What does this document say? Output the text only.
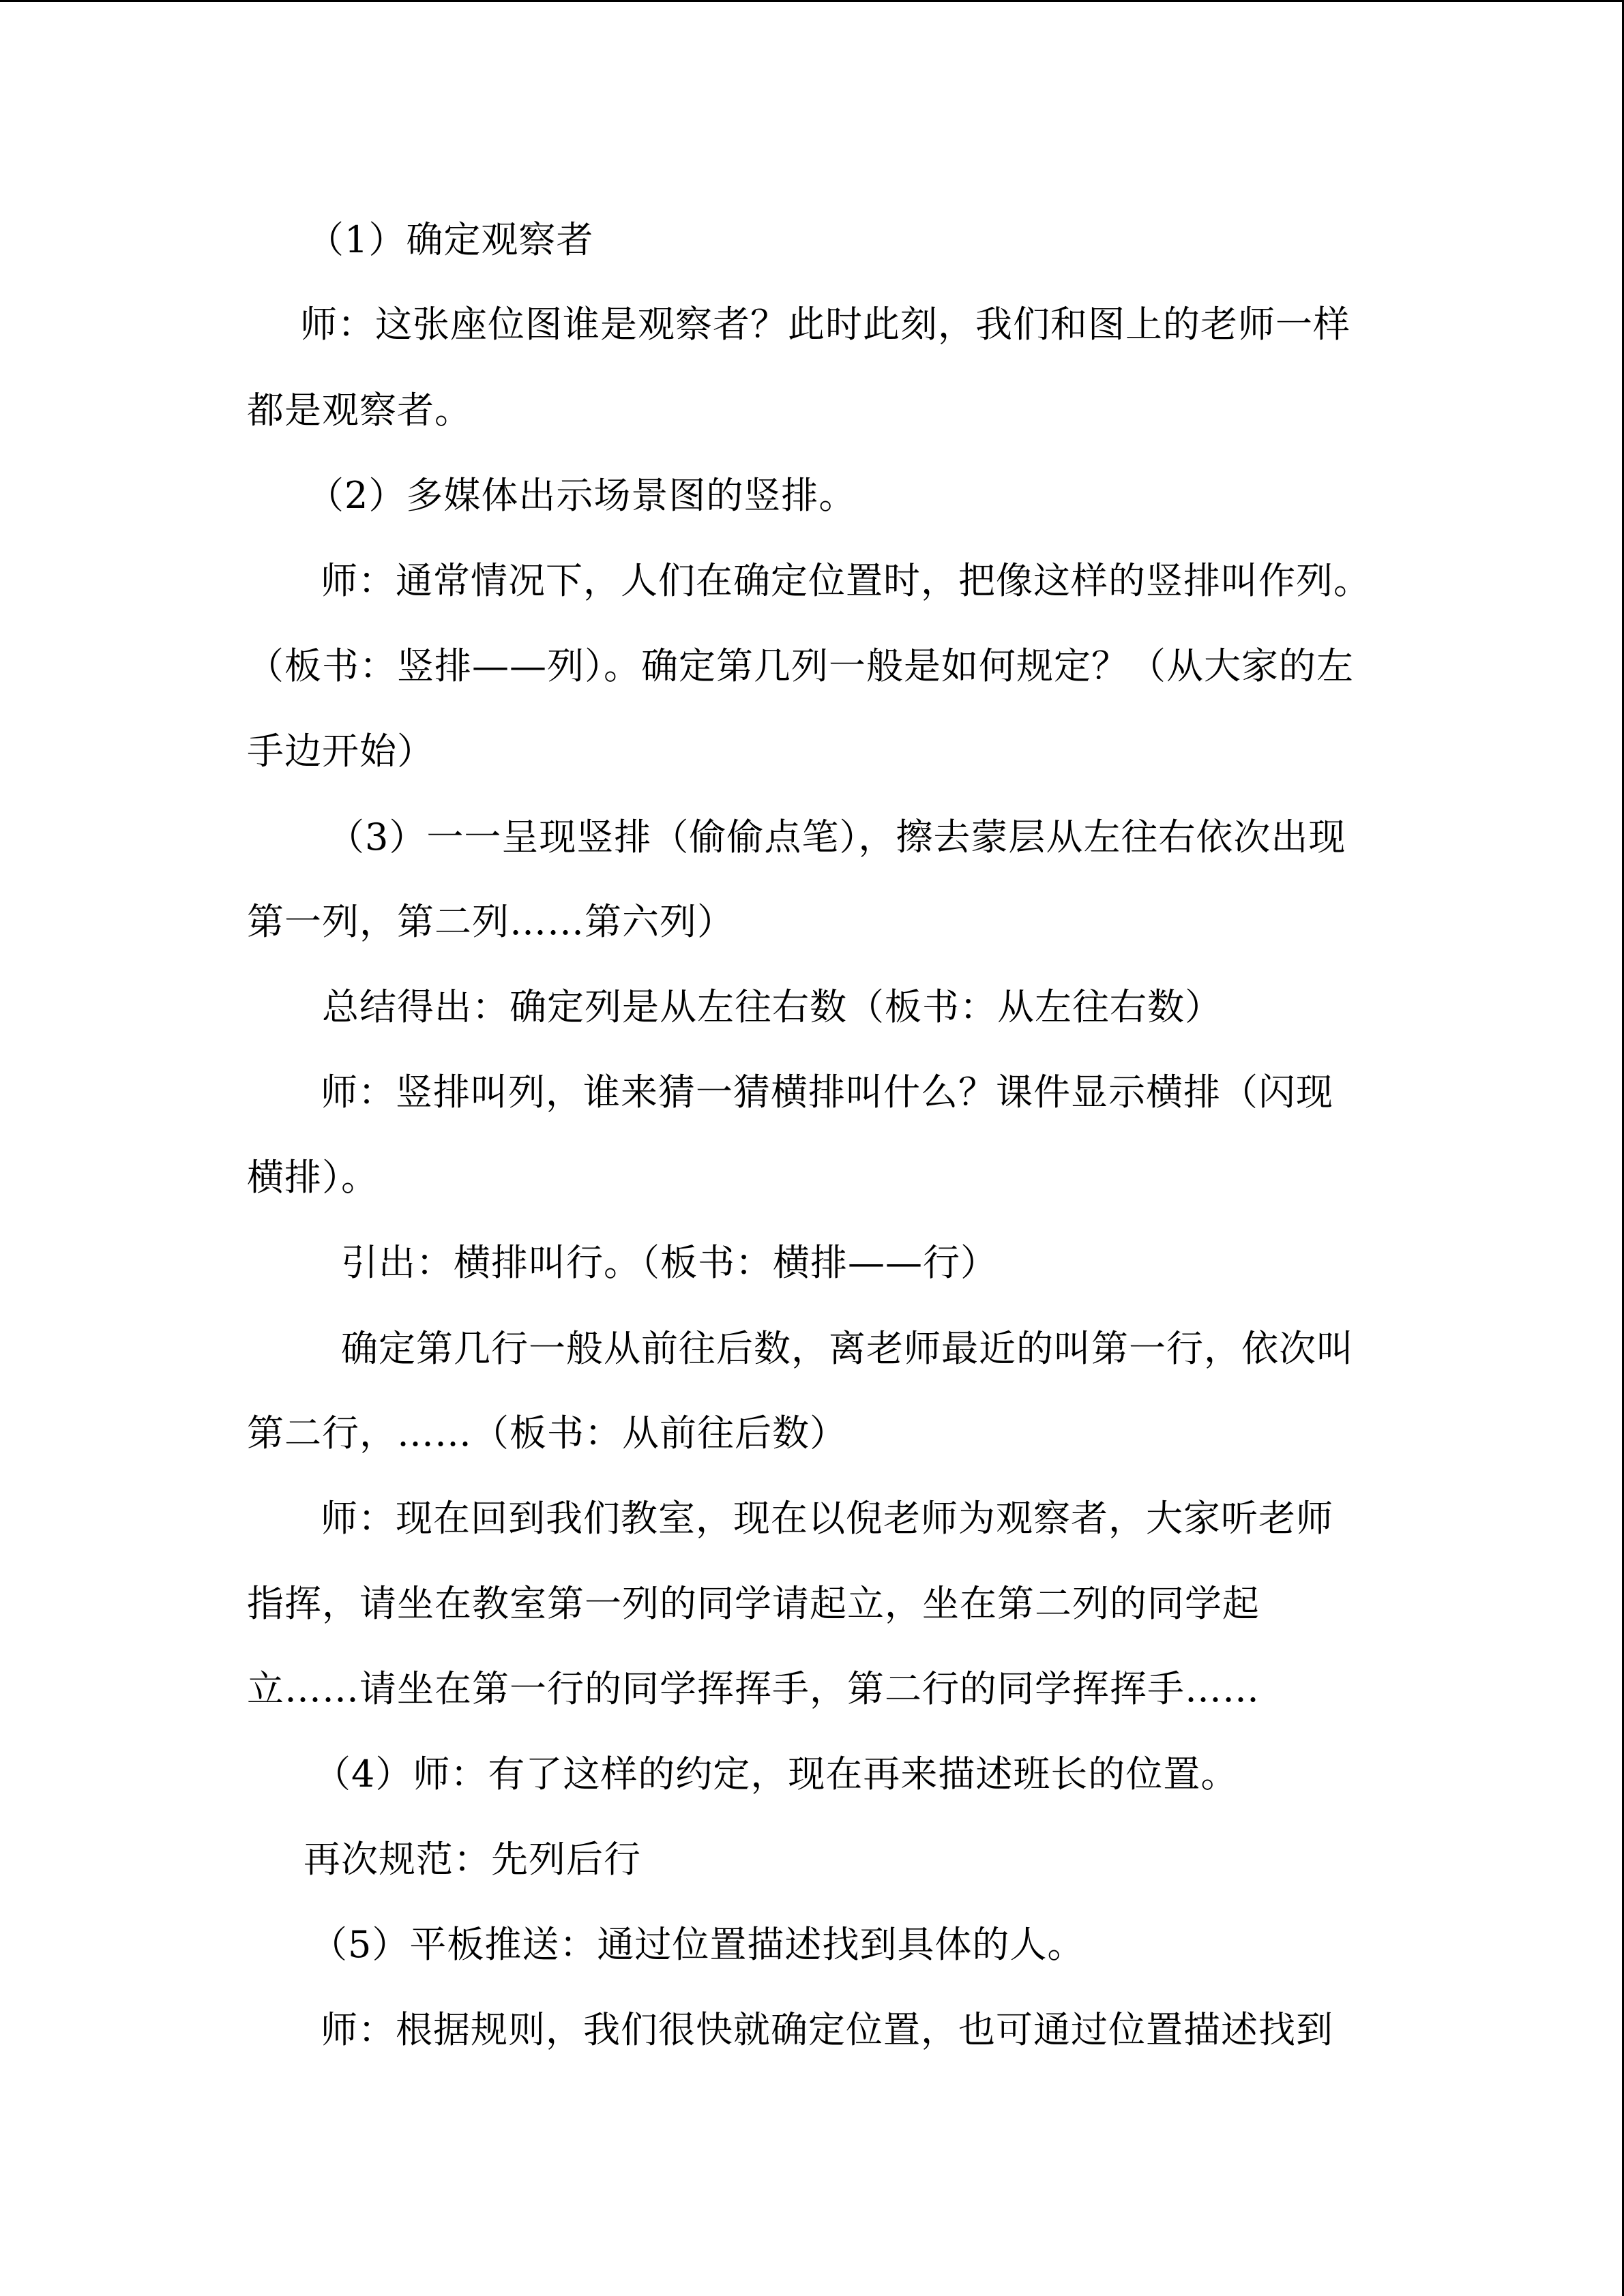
（1）确定观察者
师：这张座位图谁是观察者？此时此刻，我们和图上的老师一样
都是观察者。
（2）多媒体出示场景图的竖排。
师：通常情况下，人们在确定位置时，把像这样的竖排叫作列。
（板书：竖排——列）。确定第几列一般是如何规定？（从大家的左
手边开始）
（3）一一呈现竖排（偷偷点笔），擦去蒙层从左往右依次出现
第一列，第二列……第六列）
总结得出：确定列是从左往右数（板书：从左往右数）
师：竖排叫列，谁来猜一猜横排叫什么？课件显示横排（闪现
横排）。
引出：横排叫行。（板书：横排——行）
确定第几行一般从前往后数，离老师最近的叫第一行，依次叫
第二行，……（板书：从前往后数）
师：现在回到我们教室，现在以倪老师为观察者，大家听老师
指挥，请坐在教室第一列的同学请起立，坐在第二列的同学起
立……请坐在第一行的同学挥挥手，第二行的同学挥挥手……
（4）师：有了这样的约定，现在再来描述班长的位置。
再次规范：先列后行
（5）平板推送：通过位置描述找到具体的人。
师：根据规则，我们很快就确定位置，也可通过位置描述找到
